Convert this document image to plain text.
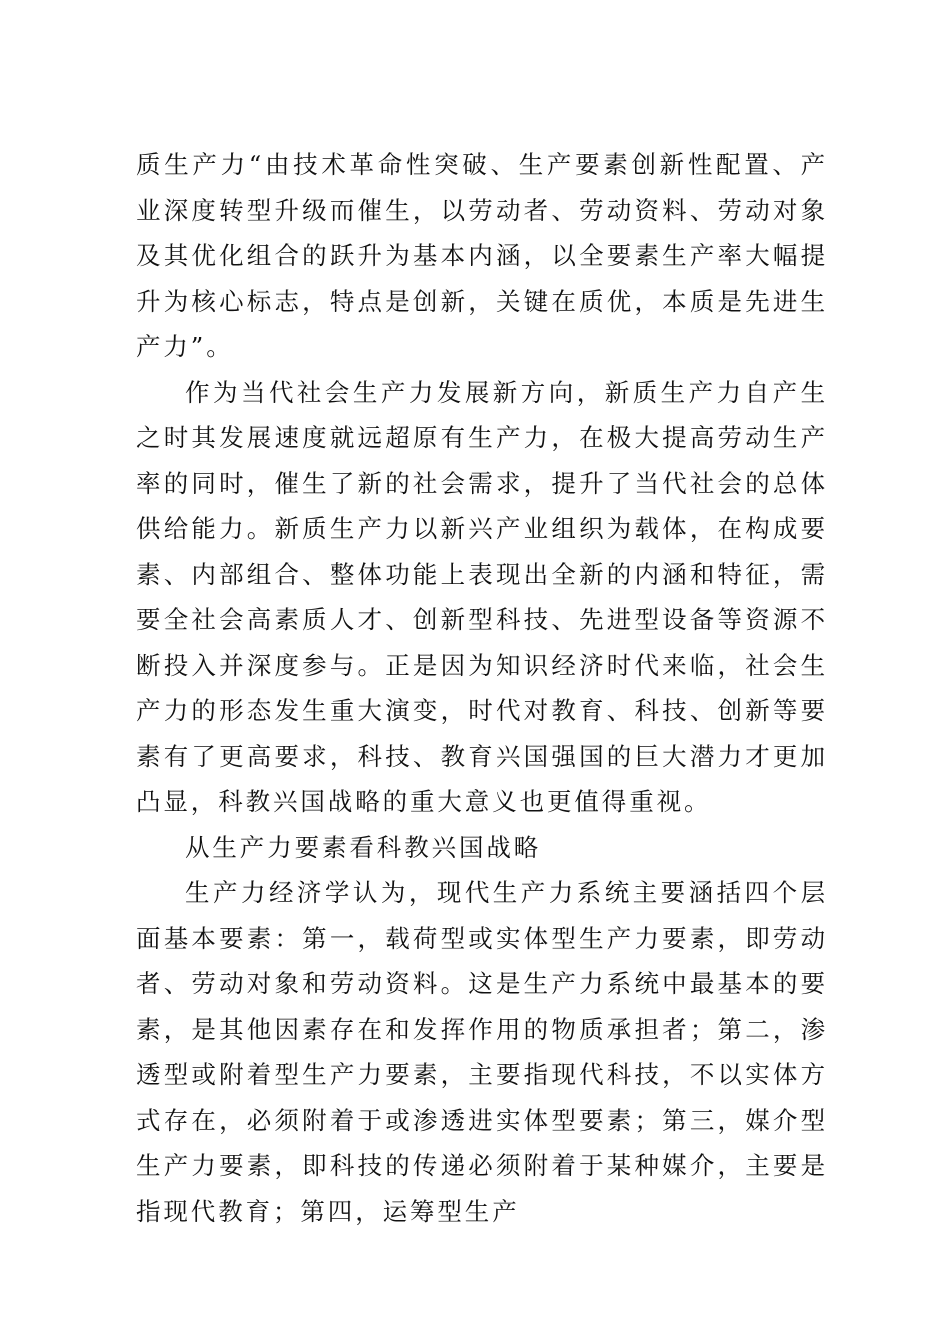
质生产力“由技术革命性突破、生产要素创新性配置、产业深度转型升级而催生，以劳动者、劳动资料、劳动对象及其优化组合的跃升为基本内涵，以全要素生产率大幅提升为核心标志，特点是创新，关键在质优，本质是先进生产力”。

作为当代社会生产力发展新方向，新质生产力自产生之时其发展速度就远超原有生产力，在极大提高劳动生产率的同时，催生了新的社会需求，提升了当代社会的总体供给能力。新质生产力以新兴产业组织为载体，在构成要素、内部组合、整体功能上表现出全新的内涵和特征，需要全社会高素质人才、创新型科技、先进型设备等资源不断投入并深度参与。正是因为知识经济时代来临，社会生产力的形态发生重大演变，时代对教育、科技、创新等要素有了更高要求，科技、教育兴国强国的巨大潜力才更加凸显，科教兴国战略的重大意义也更值得重视。

从生产力要素看科教兴国战略

生产力经济学认为，现代生产力系统主要涵括四个层面基本要素：第一，载荷型或实体型生产力要素，即劳动者、劳动对象和劳动资料。这是生产力系统中最基本的要素，是其他因素存在和发挥作用的物质承担者；第二，渗透型或附着型生产力要素，主要指现代科技，不以实体方式存在，必须附着于或渗透进实体型要素；第三，媒介型生产力要素，即科技的传递必须附着于某种媒介，主要是指现代教育；第四，运筹型生产
